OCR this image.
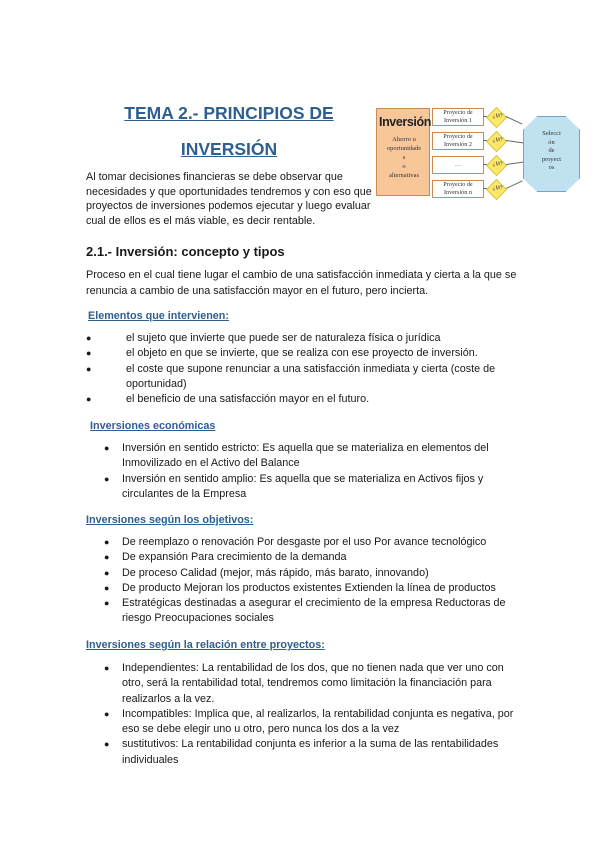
TEMA 2.- PRINCIPIOS DE
INVERSIÓN
Inversión
Ahorro u
oportunidade
s
o
alternativas
Proyecto de Inversión 1
Proyecto de Inversión 2
…
Proyecto de Inversión n
¿M?
¿M?
¿M?
¿M?
Selecci
ón
de
proyect
os
Al tomar decisiones financieras se debe observar que necesidades y que oportunidades tendremos y con eso que proyectos de inversiones podemos ejecutar y luego evaluar cual de ellos es el más viable, es decir rentable.
2.1.- Inversión: concepto y tipos
Proceso en el cual tiene lugar el cambio de una satisfacción inmediata y cierta a la que se renuncia a cambio de una satisfacción mayor en el futuro, pero incierta.
Elementos que intervienen:
●	el sujeto que invierte que puede ser de naturaleza física o jurídica
●	el objeto en que se invierte, que se realiza con ese proyecto de inversión.
●	el coste que supone renunciar a una satisfacción inmediata y cierta (coste de oportunidad)
●	el beneficio de una satisfacción mayor en el futuro.
Inversiones económicas
● Inversión en sentido estricto: Es aquella que se materializa en elementos del Inmovilizado en el Activo del Balance
● Inversión en sentido amplio: Es aquella que se materializa en Activos fijos y circulantes de la Empresa
Inversiones según los objetivos:
● De reemplazo o renovación Por desgaste por el uso Por avance tecnológico
● De expansión Para crecimiento de la demanda
● De proceso Calidad (mejor, más rápido, más barato, innovando)
● De producto Mejoran los productos existentes Extienden la línea de productos
● Estratégicas destinadas a asegurar el crecimiento de la empresa Reductoras de riesgo Preocupaciones sociales
Inversiones según la relación entre proyectos:
● Independientes: La rentabilidad de los dos, que no tienen nada que ver uno con otro, será la rentabilidad total, tendremos como limitación la financiación para realizarlos a la vez.
● Incompatibles: Implica que, al realizarlos, la rentabilidad conjunta es negativa, por eso se debe elegir uno u otro, pero nunca los dos a la vez
● sustitutivos: La rentabilidad conjunta es inferior a la suma de las rentabilidades individuales
